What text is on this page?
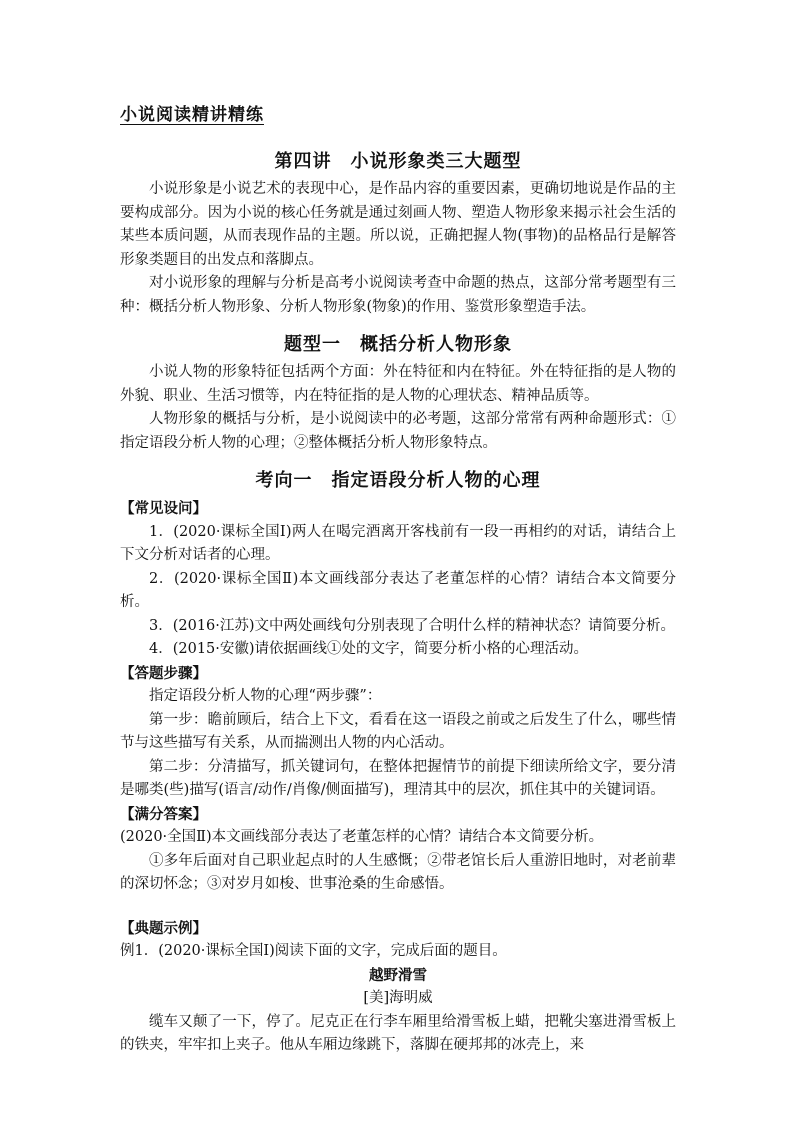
小说阅读精讲精练
第四讲　小说形象类三大题型

小说形象是小说艺术的表现中心，是作品内容的重要因素，更确切地说是作品的主要构成部分。因为小说的核心任务就是通过刻画人物、塑造人物形象来揭示社会生活的某些本质问题，从而表现作品的主题。所以说，正确把握人物(事物)的品格品行是解答形象类题目的出发点和落脚点。

对小说形象的理解与分析是高考小说阅读考查中命题的热点，这部分常考题型有三种：概括分析人物形象、分析人物形象(物象)的作用、鉴赏形象塑造手法。

题型一　概括分析人物形象

小说人物的形象特征包括两个方面：外在特征和内在特征。外在特征指的是人物的外貌、职业、生活习惯等，内在特征指的是人物的心理状态、精神品质等。

人物形象的概括与分析，是小说阅读中的必考题，这部分常常有两种命题形式：①指定语段分析人物的心理；②整体概括分析人物形象特点。

考向一　指定语段分析人物的心理

【常见设问】

1．(2020·课标全国Ⅰ)两人在喝完酒离开客栈前有一段一再相约的对话，请结合上下文分析对话者的心理。

2．(2020·课标全国Ⅱ)本文画线部分表达了老董怎样的心情？请结合本文简要分析。

3．(2016·江苏)文中两处画线句分别表现了合明什么样的精神状态？请简要分析。

4．(2015·安徽)请依据画线①处的文字，简要分析小格的心理活动。

【答题步骤】

指定语段分析人物的心理“两步骤”：

第一步：瞻前顾后，结合上下文，看看在这一语段之前或之后发生了什么，哪些情节与这些描写有关系，从而揣测出人物的内心活动。

第二步：分清描写，抓关键词句，在整体把握情节的前提下细读所给文字，要分清是哪类(些)描写(语言/动作/肖像/侧面描写)，理清其中的层次，抓住其中的关键词语。

【满分答案】

(2020·全国Ⅱ)本文画线部分表达了老董怎样的心情？请结合本文简要分析。

①多年后面对自己职业起点时的人生感慨；②带老馆长后人重游旧地时，对老前辈的深切怀念；③对岁月如梭、世事沧桑的生命感悟。

【典题示例】

例1．(2020·课标全国Ⅰ)阅读下面的文字，完成后面的题目。

越野滑雪

[美]海明威

缆车又颠了一下，停了。尼克正在行李车厢里给滑雪板上蜡，把靴尖塞进滑雪板上的铁夹，牢牢扣上夹子。他从车厢边缘跳下，落脚在硬邦邦的冰壳上，来
